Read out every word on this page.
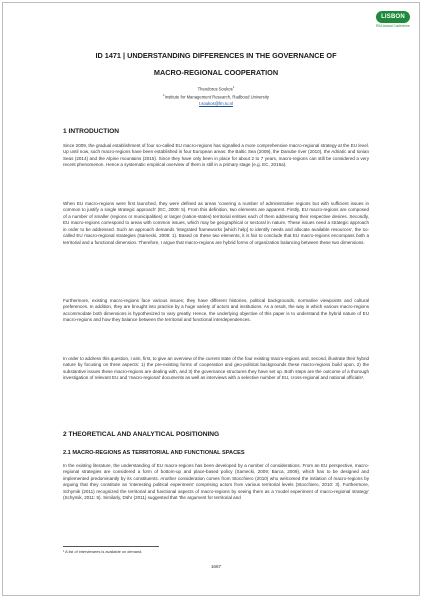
LISBON
RSA Annual Conference
ID 1471 | UNDERSTANDING DIFFERENCES IN THE GOVERNANCE OF
MACRO-REGIONAL COOPERATION
Theodorus Soukos$^1$
$^1$Institute for Management Research, Radboud University
t.soukos@fm.ru.nl
1 INTRODUCTION

Since 2009, the gradual establishment of four so-called EU macro-regions has signalled a more comprehensive macro-regional strategy at the EU level. Up until now, such macro-regions have been established in four European areas: the Baltic Sea (2009), the Danube river (2010), the Adriatic and Ionian Seas (2014) and the Alpine mountains (2015). Since they have only been in place for about 2 to 7 years, macro-regions can still be considered a very recent phenomenon. Hence a systematic empirical overview of them is still in a primary stage (e.g. EC, 2016a).

When EU macro-regions were first launched, they were defined as areas 'covering a number of administrative regions but with sufficient issues in common to justify a single strategic approach' (EC, 2009: 5). From this definition, two elements are apparent. Firstly, EU macro-regions are composed of a number of smaller (regions or municipalities) or larger (nation-states) territorial entities each of them addressing their respective desires. Secondly, EU macro-regions correspond to areas with common issues, which may be geographical or sectoral in nature. These issues need a strategic approach in order to be addressed. Such an approach demands 'integrated frameworks [which help] to identify needs and allocate available resources', the so-called EU macro-regional strategies (Samecki, 2009: 1). Based on these two elements, it is fair to conclude that EU macro-regions encompass both a territorial and a functional dimension. Therefore, I argue that macro-regions are hybrid forms of organization balancing between these two dimensions.

Furthermore, existing macro-regions face various issues; they have different histories, political backgrounds, normative viewpoints and cultural preferences. In addition, they are brought into practice by a huge variety of actors and institutions. As a result, the way in which various macro-regions accommodate both dimensions is hypothesized to vary greatly. Hence, the underlying objective of this paper is to understand the hybrid nature of EU macro-regions and how they balance between the territorial and functional interdependences.

In order to address this question, I aim, first, to give an overview of the current state of the four existing macro-regions and, second, illustrate their hybrid nature by focusing on three aspects: 1) the pre-existing forms of cooperation and geo-political backgrounds these macro-regions build upon, 2) the substantive issues these macro-regions are dealing with, and 3) the governance structures they have set up. Both steps are the outcome of a thorough investigation of relevant EU and 'macro-regional' documents as well as interviews with a selective number of EU, cross-regional and national officials¹.

2 THEORETICAL AND ANALYTICAL POSITIONING
2.1 MACRO-REGIONS AS TERRITORIAL AND FUNCTIONAL SPACES

In the existing literature, the understanding of EU macro-regions has been developed by a number of considerations. From an EU perspective, macro-regional strategies are considered a form of bottom-up and place-based policy (Samecki, 2009; Barca, 2009), which has to be designed and implemented predominantly by its constituents. Another consideration comes from Stocchiero (2010) who welcomed the initiation of macro-regions by arguing that they constitute an 'interesting political experiment' comprising actors from various territorial levels (Stocchiero, 2010: 3). Furthermore, Schymik (2011) recognized the territorial and functional aspects of macro-regions by seeing them as a 'model experiment of macro-regional strategy' (Schymik, 2011: 5). Similarly, Dühr (2011) suggested that 'the argument for territorial and

¹ A list of interviewees is available on demand.
1667
